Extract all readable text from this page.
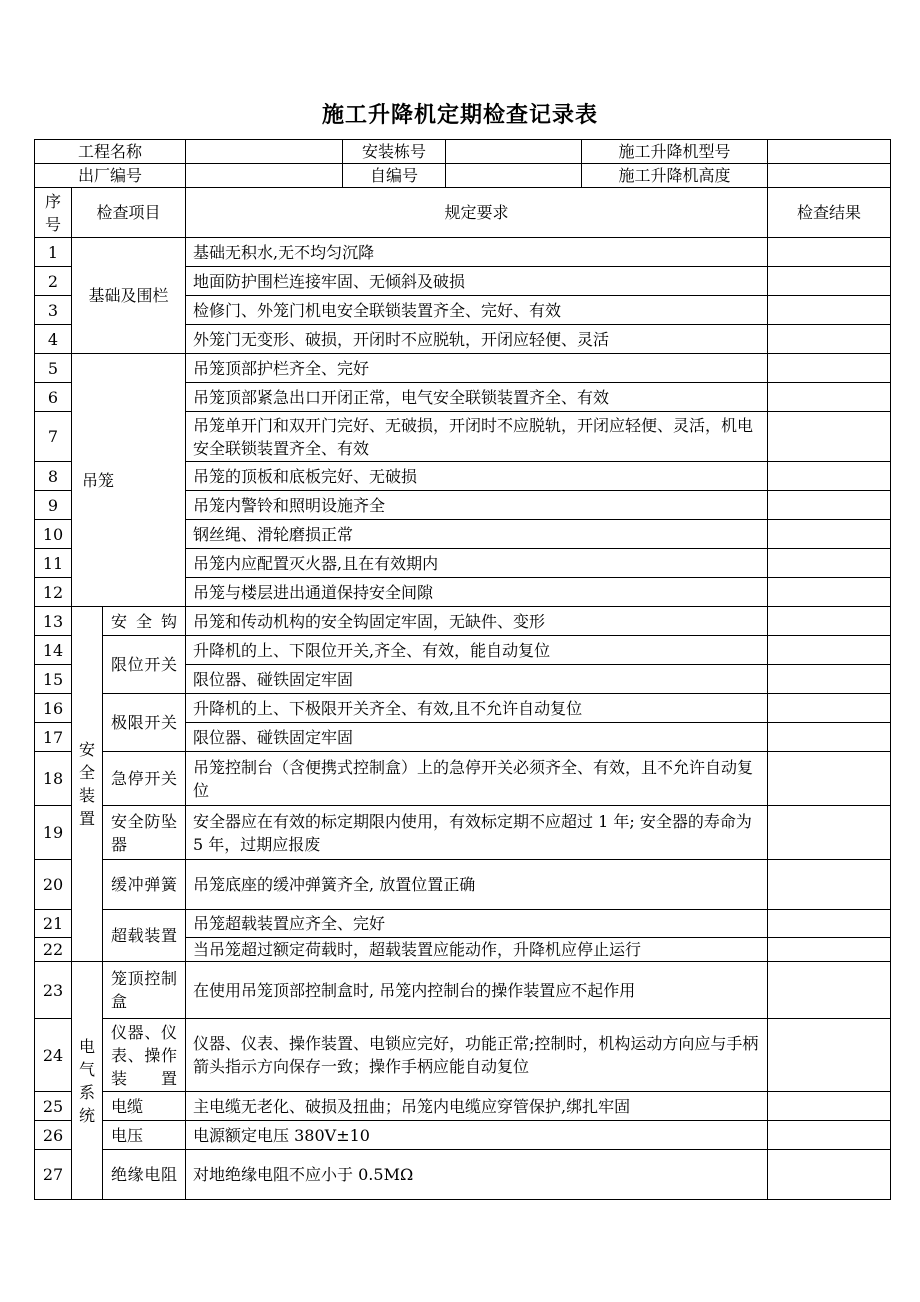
施工升降机定期检查记录表
工程名称				安装栋号		施工升降机型号	
出厂编号				自编号		施工升降机高度	
序号	检查项目		规定要求				检查结果
1	基础及围栏		基础无积水,无不均匀沉降				
2			地面防护围栏连接牢固、无倾斜及破损				
3			检修门、外笼门机电安全联锁装置齐全、完好、有效				
4			外笼门无变形、破损，开闭时不应脱轨，开闭应轻便、灵活				
5	吊笼		吊笼顶部护栏齐全、完好				
6			吊笼顶部紧急出口开闭正常，电气安全联锁装置齐全、有效				
7			吊笼单开门和双开门完好、无破损，开闭时不应脱轨，开闭应轻便、灵活，机电安全联锁装置齐全、有效				
8			吊笼的顶板和底板完好、无破损				
9			吊笼内警铃和照明设施齐全				
10			钢丝绳、滑轮磨损正常				
11			吊笼内应配置灭火器,且在有效期内				
12			吊笼与楼层进出通道保持安全间隙				
13	安全装置	安全钩	吊笼和传动机构的安全钩固定牢固，无缺件、变形				
14		限位开关	升降机的上、下限位开关,齐全、有效，能自动复位				
15			限位器、碰铁固定牢固				
16		极限开关	升降机的上、下极限开关齐全、有效,且不允许自动复位				
17			限位器、碰铁固定牢固				
18		急停开关	吊笼控制台（含便携式控制盒）上的急停开关必须齐全、有效，且不允许自动复位				
19		安全防坠器	安全器应在有效的标定期限内使用，有效标定期不应超过 1 年; 安全器的寿命为 5 年，过期应报废				
20		缓冲弹簧	吊笼底座的缓冲弹簧齐全, 放置位置正确				
21		超载装置	吊笼超载装置应齐全、完好				
22			当吊笼超过额定荷载时，超载装置应能动作，升降机应停止运行				
23	电气系统	笼顶控制盒	在使用吊笼顶部控制盒时, 吊笼内控制台的操作装置应不起作用				
24		仪器、仪表、操作装置	仪器、仪表、操作装置、电锁应完好，功能正常;控制时，机构运动方向应与手柄箭头指示方向保存一致；操作手柄应能自动复位				
25		电缆	主电缆无老化、破损及扭曲；吊笼内电缆应穿管保护,绑扎牢固				
26		电压	电源额定电压 380V±10				
27		绝缘电阻	对地绝缘电阻不应小于 0.5MΩ				
